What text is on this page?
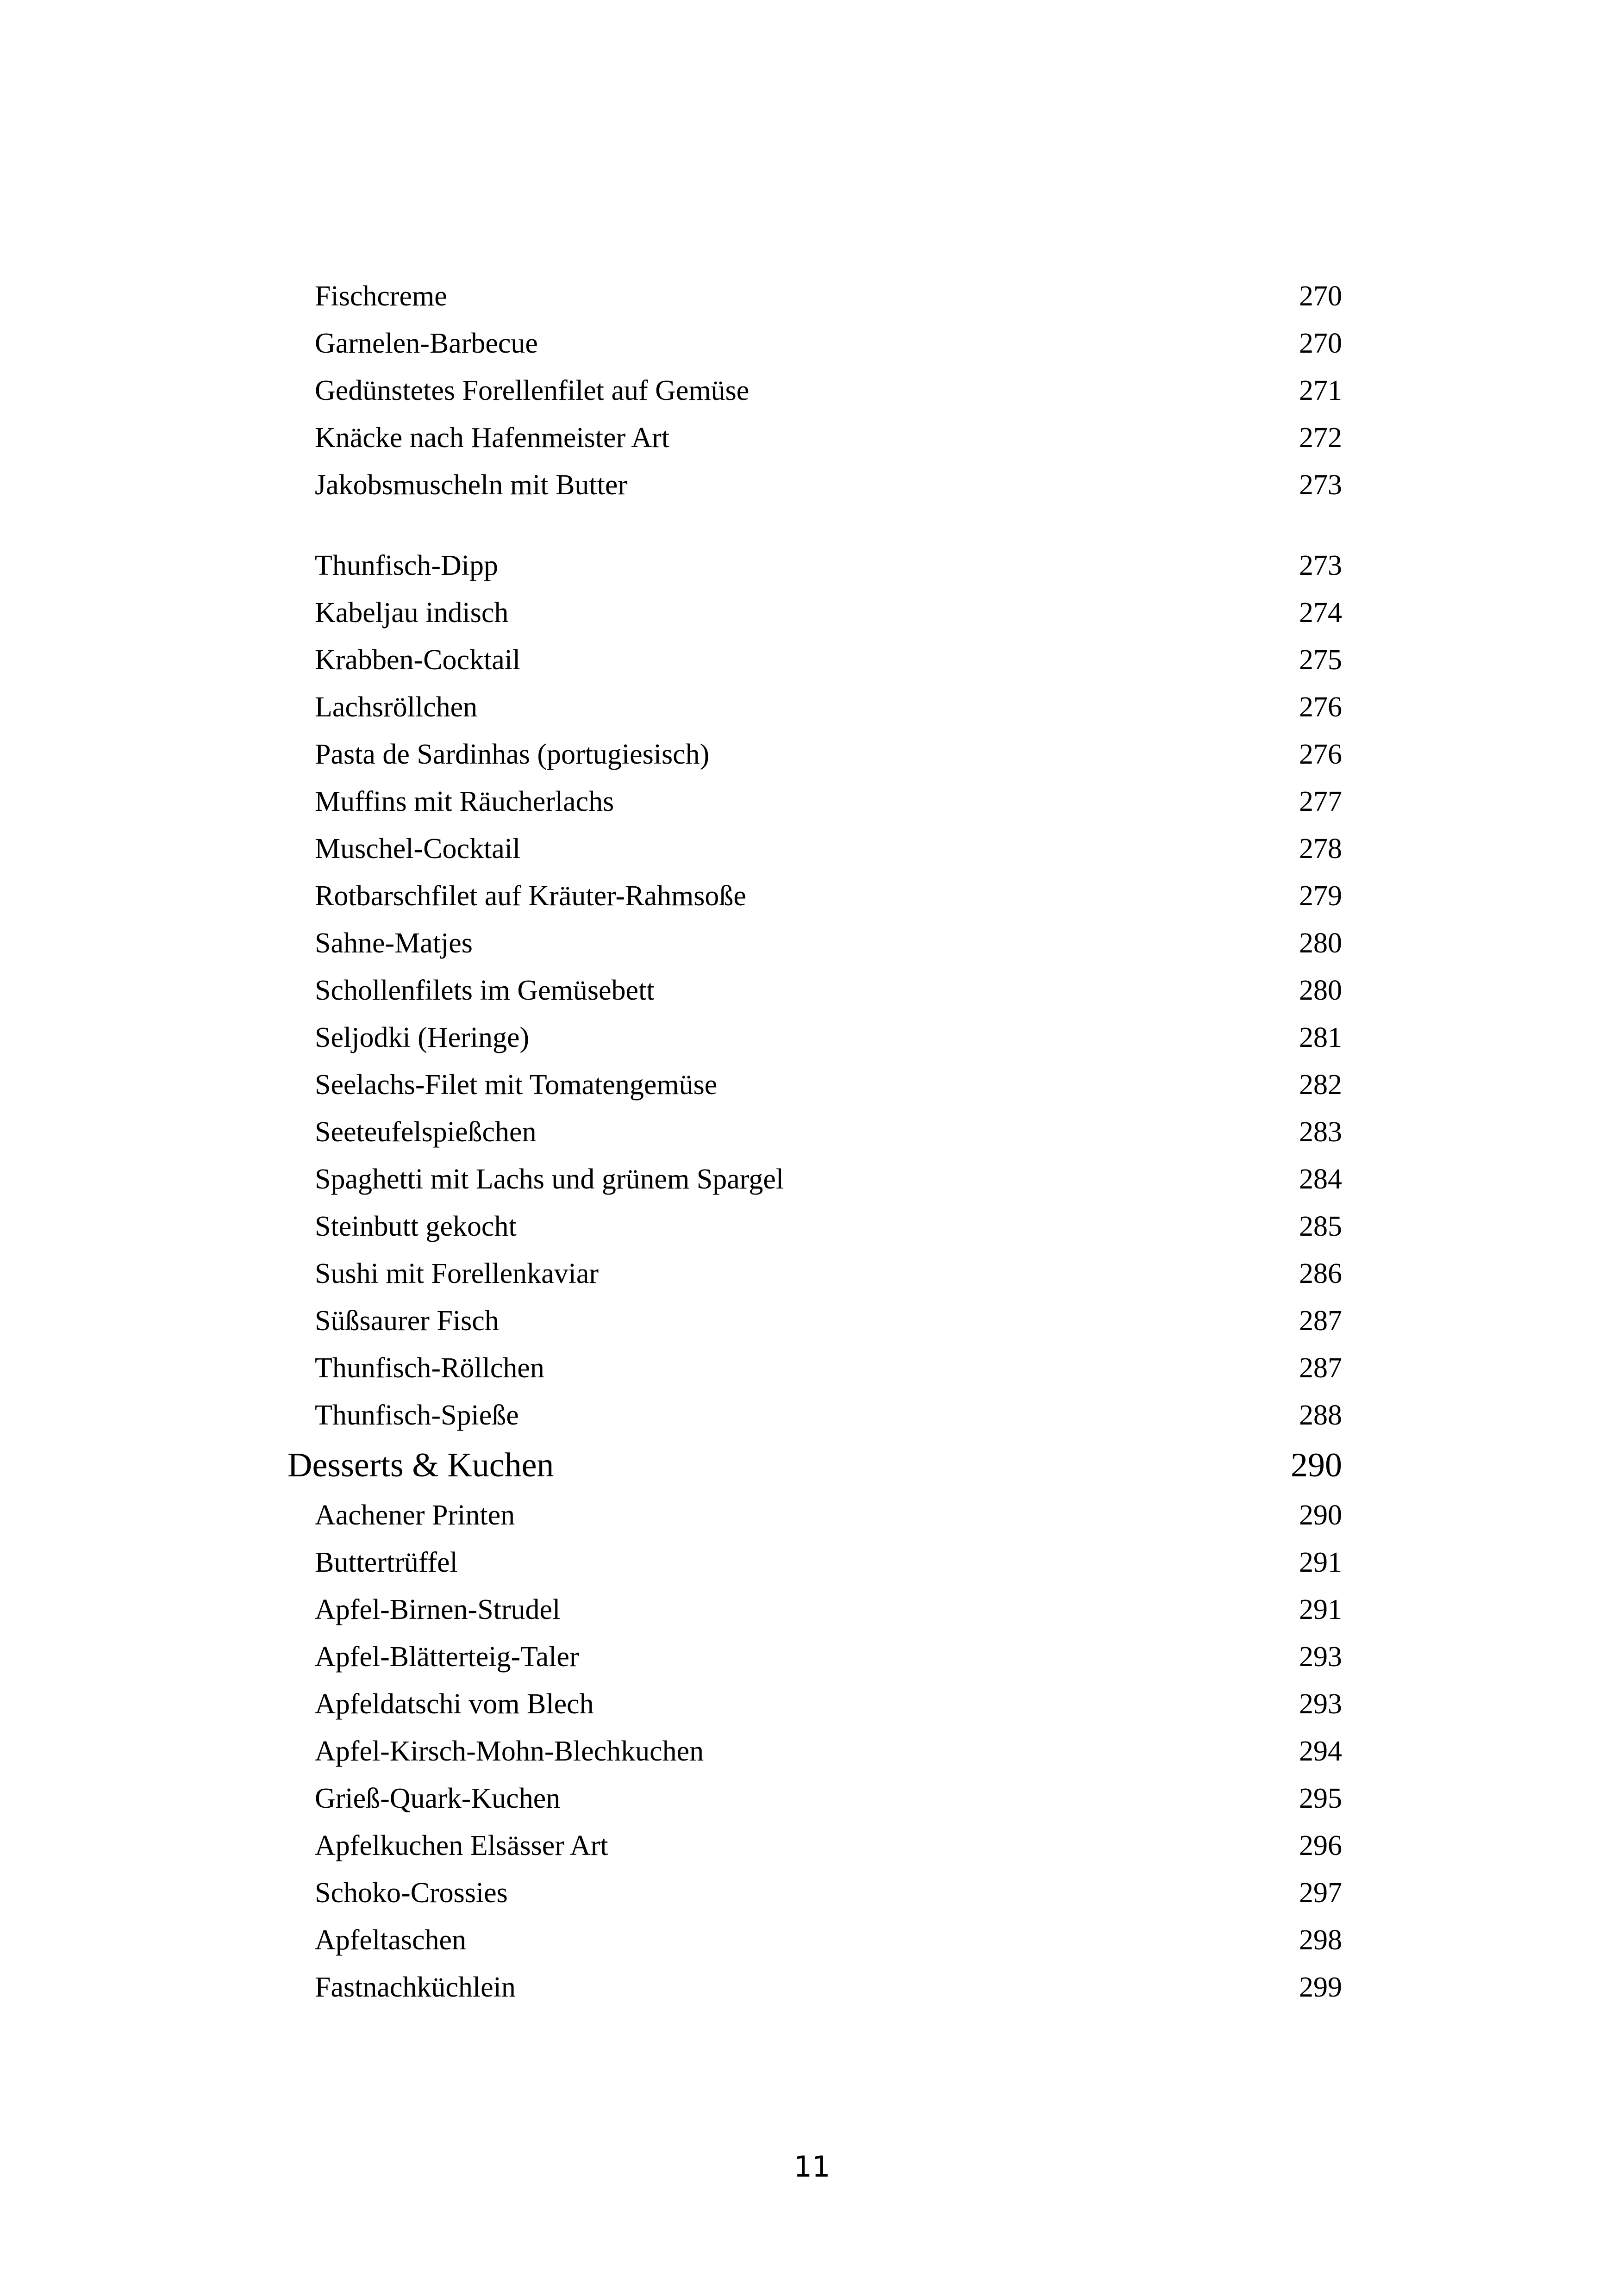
Fischcreme	270
Garnelen-Barbecue	270
Gedünstetes Forellenfilet auf Gemüse	271
Knäcke nach Hafenmeister Art	272
Jakobsmuscheln mit Butter	273
Thunfisch-Dipp	273
Kabeljau indisch	274
Krabben-Cocktail	275
Lachsröllchen	276
Pasta de Sardinhas (portugiesisch)	276
Muffins mit Räucherlachs	277
Muschel-Cocktail	278
Rotbarschfilet auf Kräuter-Rahmsoße	279
Sahne-Matjes	280
Schollenfilets im Gemüsebett	280
Seljodki (Heringe)	281
Seelachs-Filet mit Tomatengemüse	282
Seeteufelspießchen	283
Spaghetti mit Lachs und grünem Spargel	284
Steinbutt gekocht	285
Sushi mit Forellenkaviar	286
Süßsaurer Fisch	287
Thunfisch-Röllchen	287
Thunfisch-Spieße	288
Desserts & Kuchen	290
Aachener Printen	290
Buttertrüffel	291
Apfel-Birnen-Strudel	291
Apfel-Blätterteig-Taler	293
Apfeldatschi vom Blech	293
Apfel-Kirsch-Mohn-Blechkuchen	294
Grieß-Quark-Kuchen	295
Apfelkuchen Elsässer Art	296
Schoko-Crossies	297
Apfeltaschen	298
Fastnachküchlein	299
11
